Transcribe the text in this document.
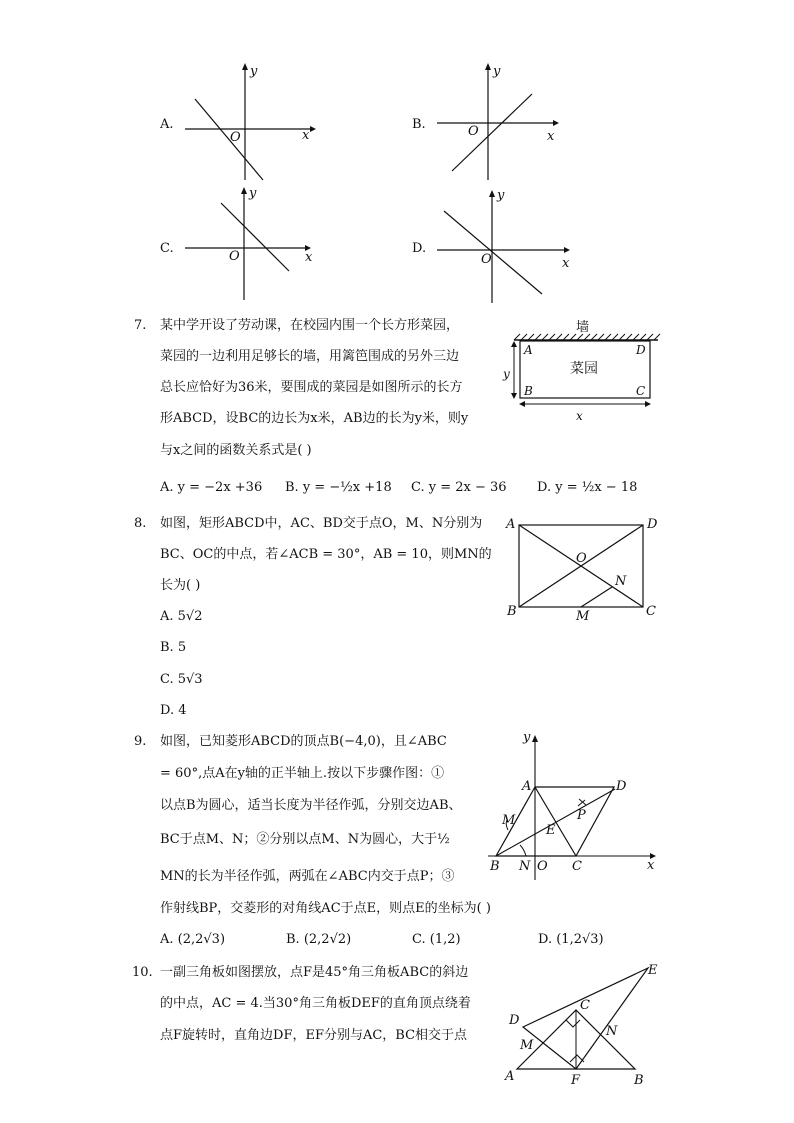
A.
y
x
O
B.
y
x
O
C.
y
x
O
D.
y
x
O
7. 某中学开设了劳动课，在校园内围一个长方形菜园，
菜园的一边利用足够长的墙，用篱笆围成的另外三边
总长应恰好为36米，要围成的菜园是如图所示的长方
形ABCD，设BC的边长为x米，AB边的长为y米，则y
与x之间的函数关系式是( )
A. y = −2x +36 B. y = −½x +18 C. y = 2x − 36 D. y = ½x − 18
墙
菜园
A	D
B	C
y
x
8. 如图，矩形ABCD中，AC、BD交于点O，M、N分别为
BC、OC的中点，若∠ACB = 30°，AB = 10，则MN的
长为( )
A. 5√2
B. 5
C. 5√3
D. 4
A	D
B	C
O
N
M
9. 如图，已知菱形ABCD的顶点B(−4,0)，且∠ABC
= 60°,点A在y轴的正半轴上.按以下步骤作图：①
以点B为圆心，适当长度为半径作弧，分别交边AB、
BC于点M、N；②分别以点M、N为圆心，大于½
MN的长为半径作弧，两弧在∠ABC内交于点P；③
作射线BP，交菱形的对角线AC于点E，则点E的坐标为( )
A. (2,2√3)	B. (2,2√2)	C. (1,2)	D. (1,2√3)
y
x
A	D
M
E
P
B N O C
10. 一副三角板如图摆放，点F是45°角三角板ABC的斜边
的中点，AC = 4.当30°角三角板DEF的直角顶点绕着
点F旋转时，直角边DF，EF分别与AC，BC相交于点
E
C
D
M
N
A	F	B
